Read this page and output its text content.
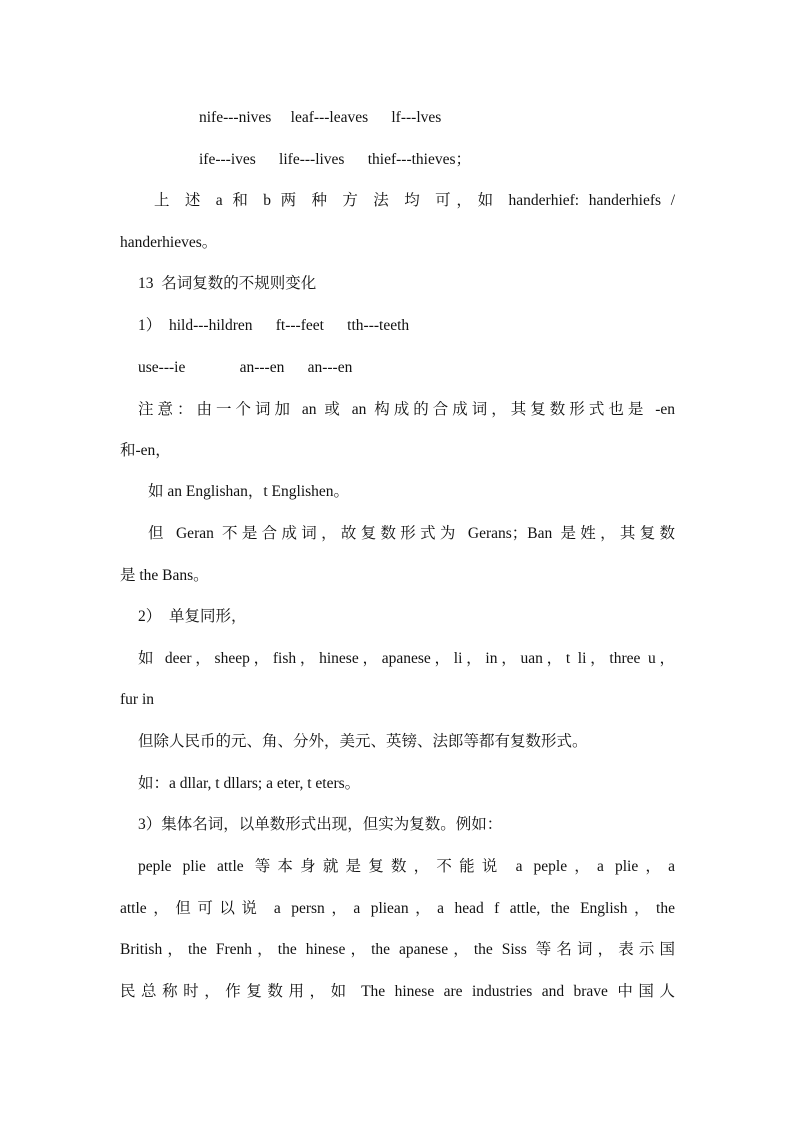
nife---nives     leaf---leaves      lf---lves
ife---ives      life---lives      thief---thieves；
上 述 a 和 b 两 种 方 法 均 可，如 handerhief: handerhiefs /
handerhieves。
13  名词复数的不规则变化
1）  hild---hildren      ft---feet      tth---teeth
use---ie              an---en      an---en
注意：由一个词加 an 或 an 构成的合成词，其复数形式也是 -en
和-en，
如 an Englishan，t Englishen。
但 Geran 不是合成词，故复数形式为 Gerans；Ban 是姓，其复数
是 the Bans。
2）  单复同形，
如 deer，sheep，fish，hinese，apanese，li，in，uan，t li，three u，
fur in
但除人民币的元、角、分外，美元、英镑、法郎等都有复数形式。
如：a dllar, t dllars; a eter, t eters。
3）集体名词，以单数形式出现，但实为复数。例如：
peple plie attle 等本身就是复数，不能说 a peple，a plie，a
attle，但可以说 a persn，a pliean，a head f attle, the English，the
British，the Frenh，the hinese，the apanese，the Siss 等名词，表示国
民总称时，作复数用，如 The hinese are industries and brave 中国人
